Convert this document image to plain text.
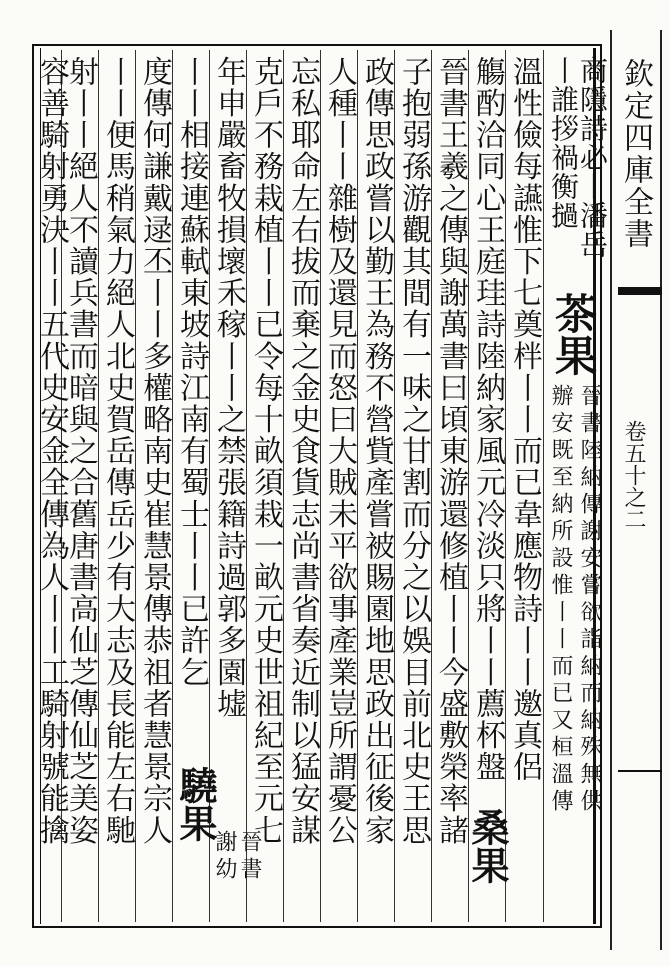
欽定四庫全書
卷五十之二
商隱詩必丨潘岳
丨誰拶禍衡撾
茶果
晉書陸納傳謝安嘗欲詣納而納殊無供
辦安既至納所設惟丨丨而已又桓溫傳
溫性儉每讌惟下七奠柈丨丨而已韋應物詩丨丨邀真侶
觴酌洽同心王庭珪詩陸納家風元冷淡只將丨丨薦杯盤
桑果
晉書王羲之傳與謝萬書曰頃東游還修植丨丨今盛敷榮率諸
子抱弱孫游觀其間有一味之甘割而分之以娛目前北史王思
政傳思政嘗以勤王為務不營貲產嘗被賜園地思政出征後家
人種丨丨雜樹及還見而怒曰大賊未平欲事產業豈所謂憂公
忘私耶命左右拔而棄之金史食貨志尚書省奏近制以猛安謀
克戶不務栽植丨丨已令每十畝須栽一畝元史世祖紀至元七
年申嚴畜牧損壞禾稼丨丨之禁張籍詩過郭多園墟
丨丨相接連蘇軾東坡詩江南有蜀士丨丨已許乞
驍果
晉書
謝幼
度傳何謙戴逯丕丨丨多權略南史崔慧景傳恭祖者慧景宗人
丨丨便馬稍氣力絕人北史賀岳傳岳少有大志及長能左右馳
射丨丨絕人不讀兵書而暗與之合舊唐書高仙芝傳仙芝美姿
容善騎射勇決丨丨五代史安金全傳為人丨丨工騎射號能擒
